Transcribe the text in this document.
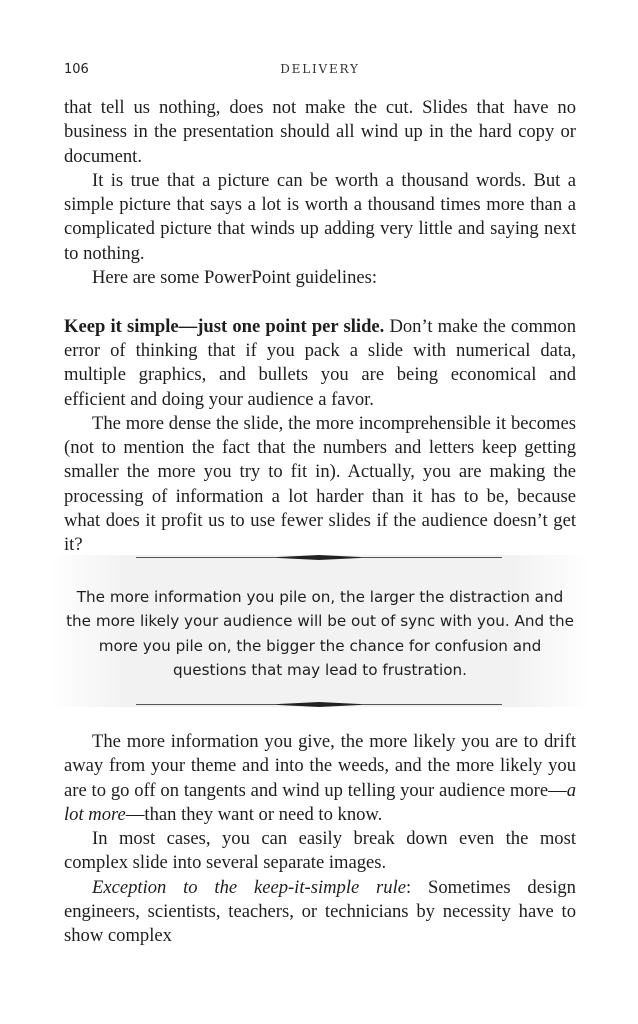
106	DELIVERY

that tell us nothing, does not make the cut. Slides that have no business in the presentation should all wind up in the hard copy or document.

It is true that a picture can be worth a thousand words. But a simple picture that says a lot is worth a thousand times more than a complicated picture that winds up adding very little and saying next to nothing.

Here are some PowerPoint guidelines:

Keep it simple—just one point per slide. Don’t make the common error of thinking that if you pack a slide with numerical data, multiple graphics, and bullets you are being economical and efficient and doing your audience a favor.

The more dense the slide, the more incomprehensible it becomes (not to mention the fact that the numbers and letters keep getting smaller the more you try to fit in). Actually, you are making the processing of information a lot harder than it has to be, because what does it profit us to use fewer slides if the audience doesn’t get it?

The more information you pile on, the larger the distraction and the more likely your audience will be out of sync with you. And the more you pile on, the bigger the chance for confusion and questions that may lead to frustration.

The more information you give, the more likely you are to drift away from your theme and into the weeds, and the more likely you are to go off on tangents and wind up telling your audience more—a lot more—than they want or need to know.

In most cases, you can easily break down even the most complex slide into several separate images.

Exception to the keep-it-simple rule: Sometimes design engineers, scientists, teachers, or technicians by necessity have to show complex
